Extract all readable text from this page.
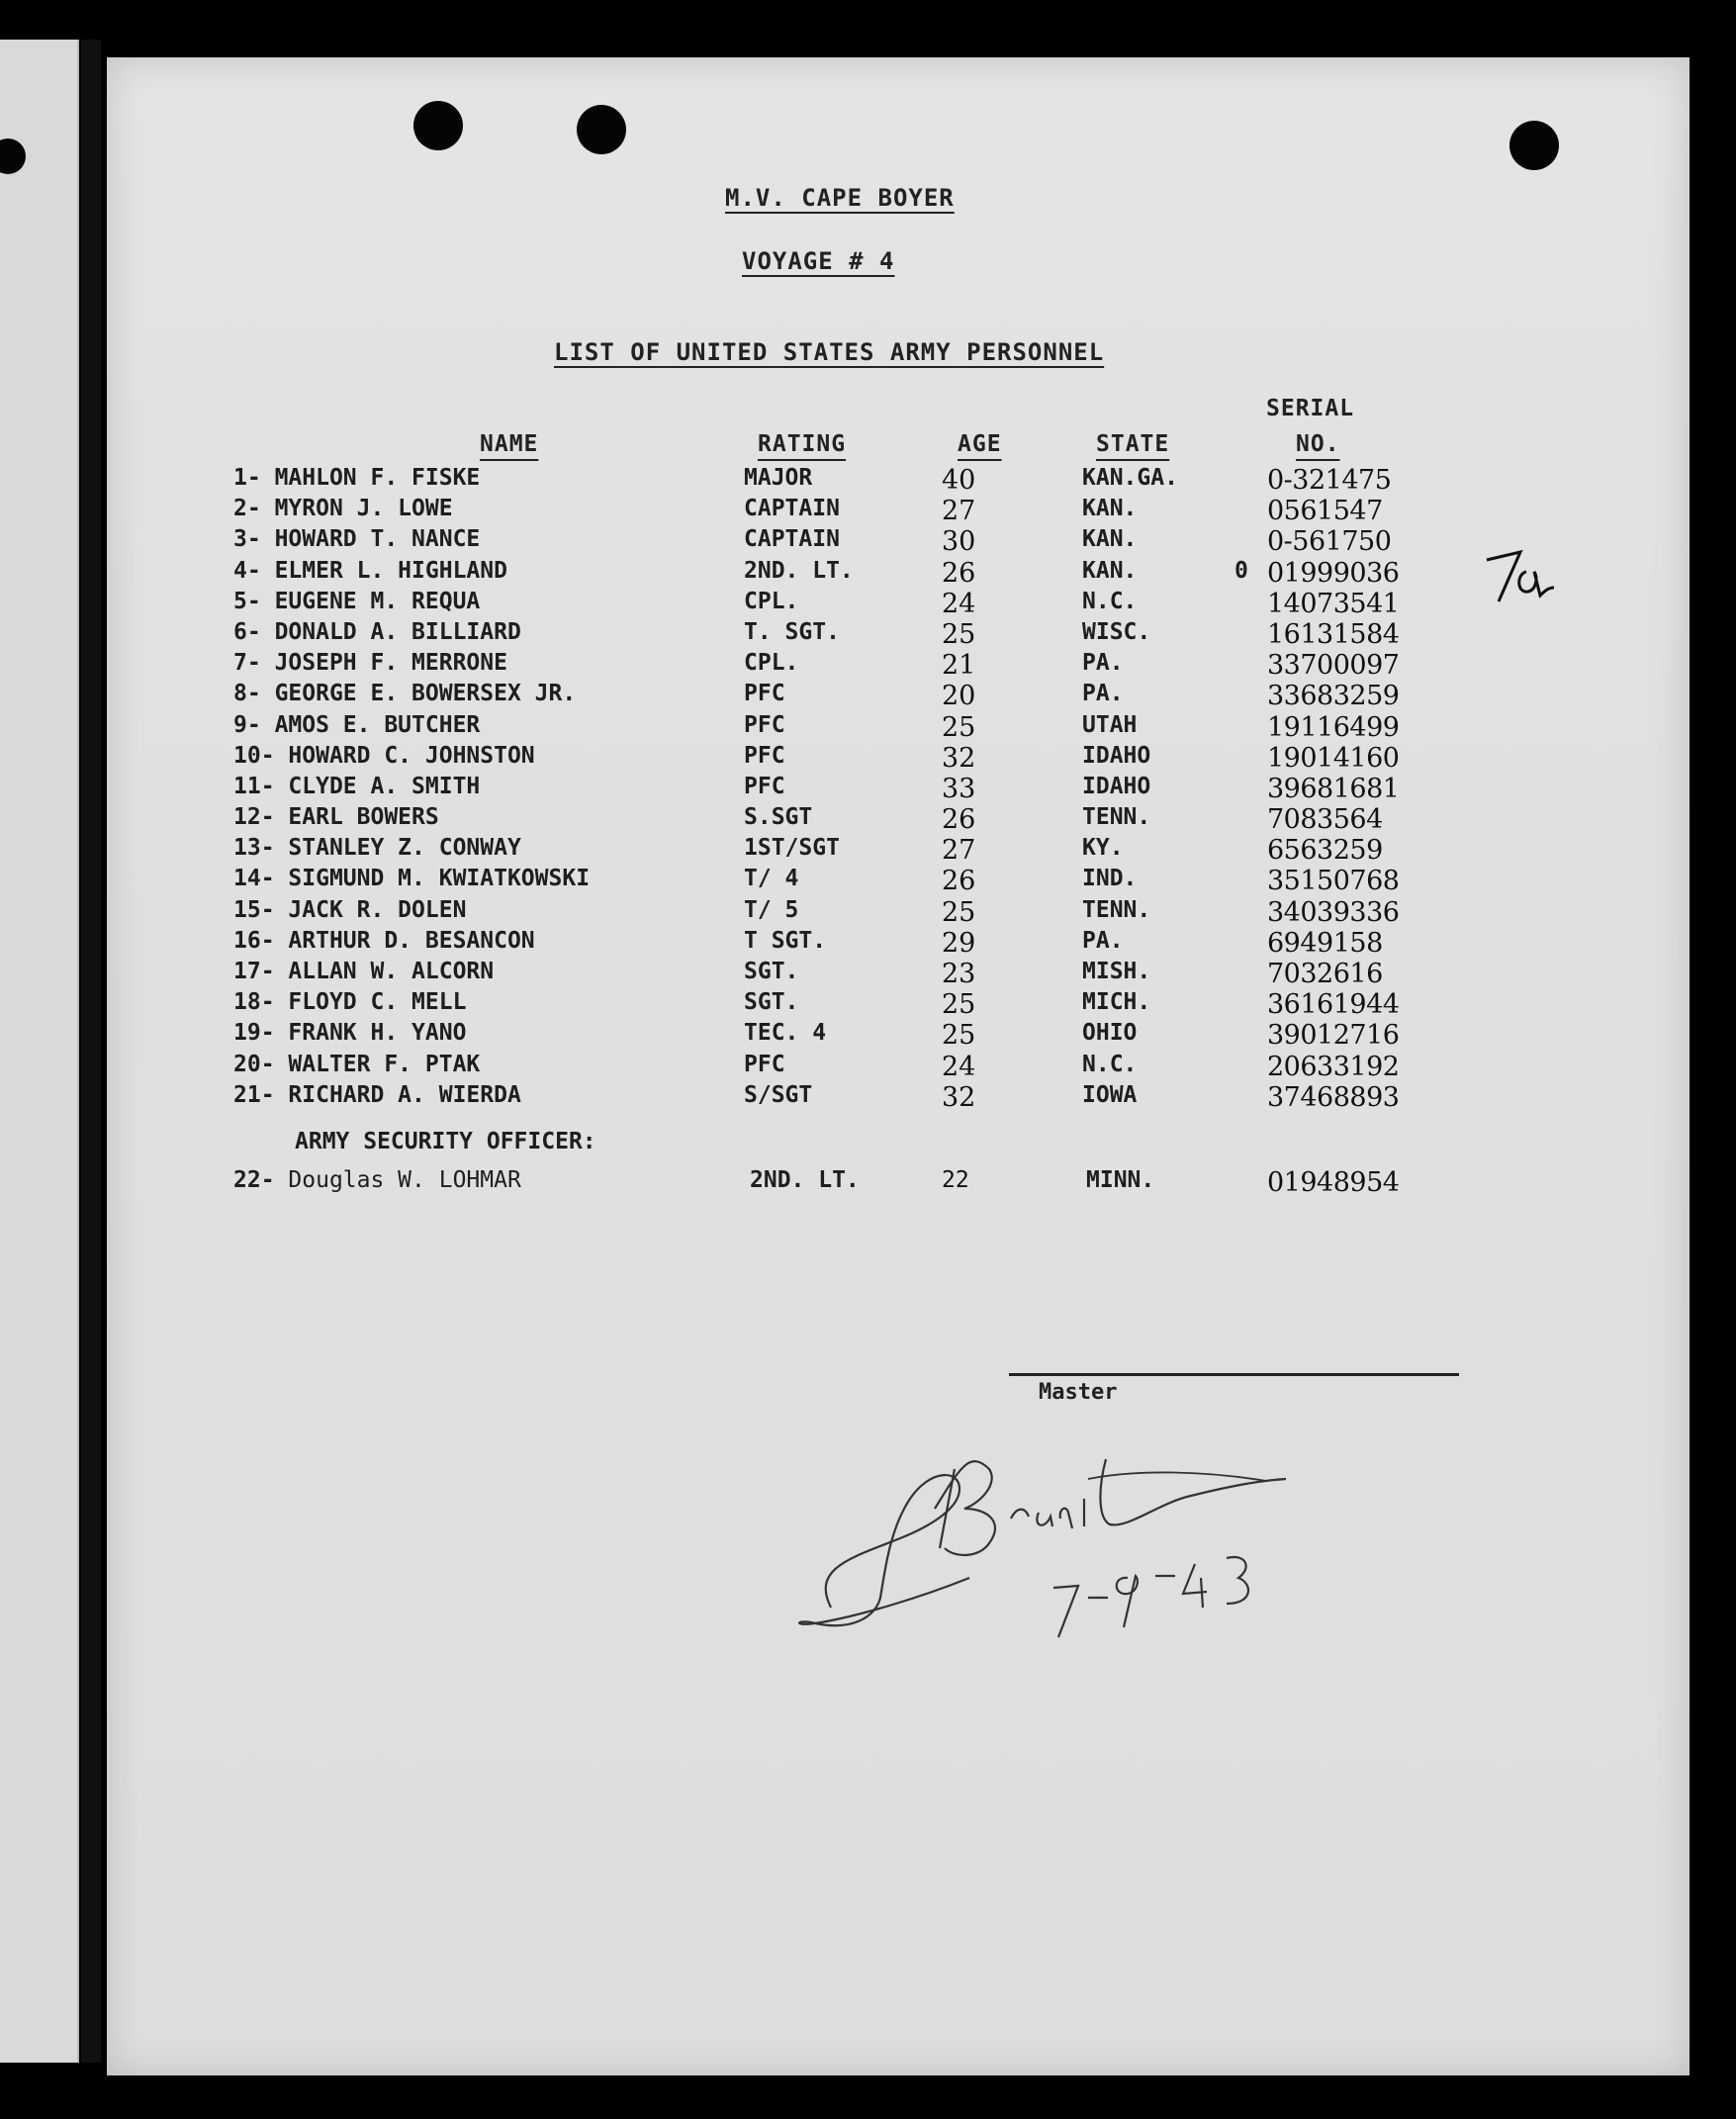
M.V. CAPE BOYER
VOYAGE # 4
LIST OF UNITED STATES ARMY PERSONNEL
NAME	RATING	AGE	STATE
SERIAL
NO.
1- MAHLON F. FISKE	MAJOR	40	KAN.GA.	0-321475
2- MYRON J. LOWE	CAPTAIN	27	KAN.	0561547
3- HOWARD T. NANCE	CAPTAIN	30	KAN.	0-561750
4- ELMER L. HIGHLAND	2ND. LT.	26	KAN.	0 01999036
5- EUGENE M. REQUA	CPL.	24	N.C.	14073541
6- DONALD A. BILLIARD	T. SGT.	25	WISC.	16131584
7- JOSEPH F. MERRONE	CPL.	21	PA.	33700097
8- GEORGE E. BOWERSEX JR.	PFC	20	PA.	33683259
9- AMOS E. BUTCHER	PFC	25	UTAH	19116499
10- HOWARD C. JOHNSTON	PFC	32	IDAHO	19014160
11- CLYDE A. SMITH	PFC	33	IDAHO	39681681
12- EARL BOWERS	S.SGT	26	TENN.	7083564
13- STANLEY Z. CONWAY	1ST/SGT	27	KY.	6563259
14- SIGMUND M. KWIATKOWSKI	T/ 4	26	IND.	35150768
15- JACK R. DOLEN	T/ 5	25	TENN.	34039336
16- ARTHUR D. BESANCON	T SGT.	29	PA.	6949158
17- ALLAN W. ALCORN	SGT.	23	MISH.	7032616
18- FLOYD C. MELL	SGT.	25	MICH.	36161944
19- FRANK H. YANO	TEC. 4	25	OHIO	39012716
20- WALTER F. PTAK	PFC	24	N.C.	20633192
21- RICHARD A. WIERDA	S/SGT	32	IOWA	37468893
ARMY SECURITY OFFICER:
22- Douglas W. LOHMAR	2ND. LT.	22	MINN.	01948954
Master
